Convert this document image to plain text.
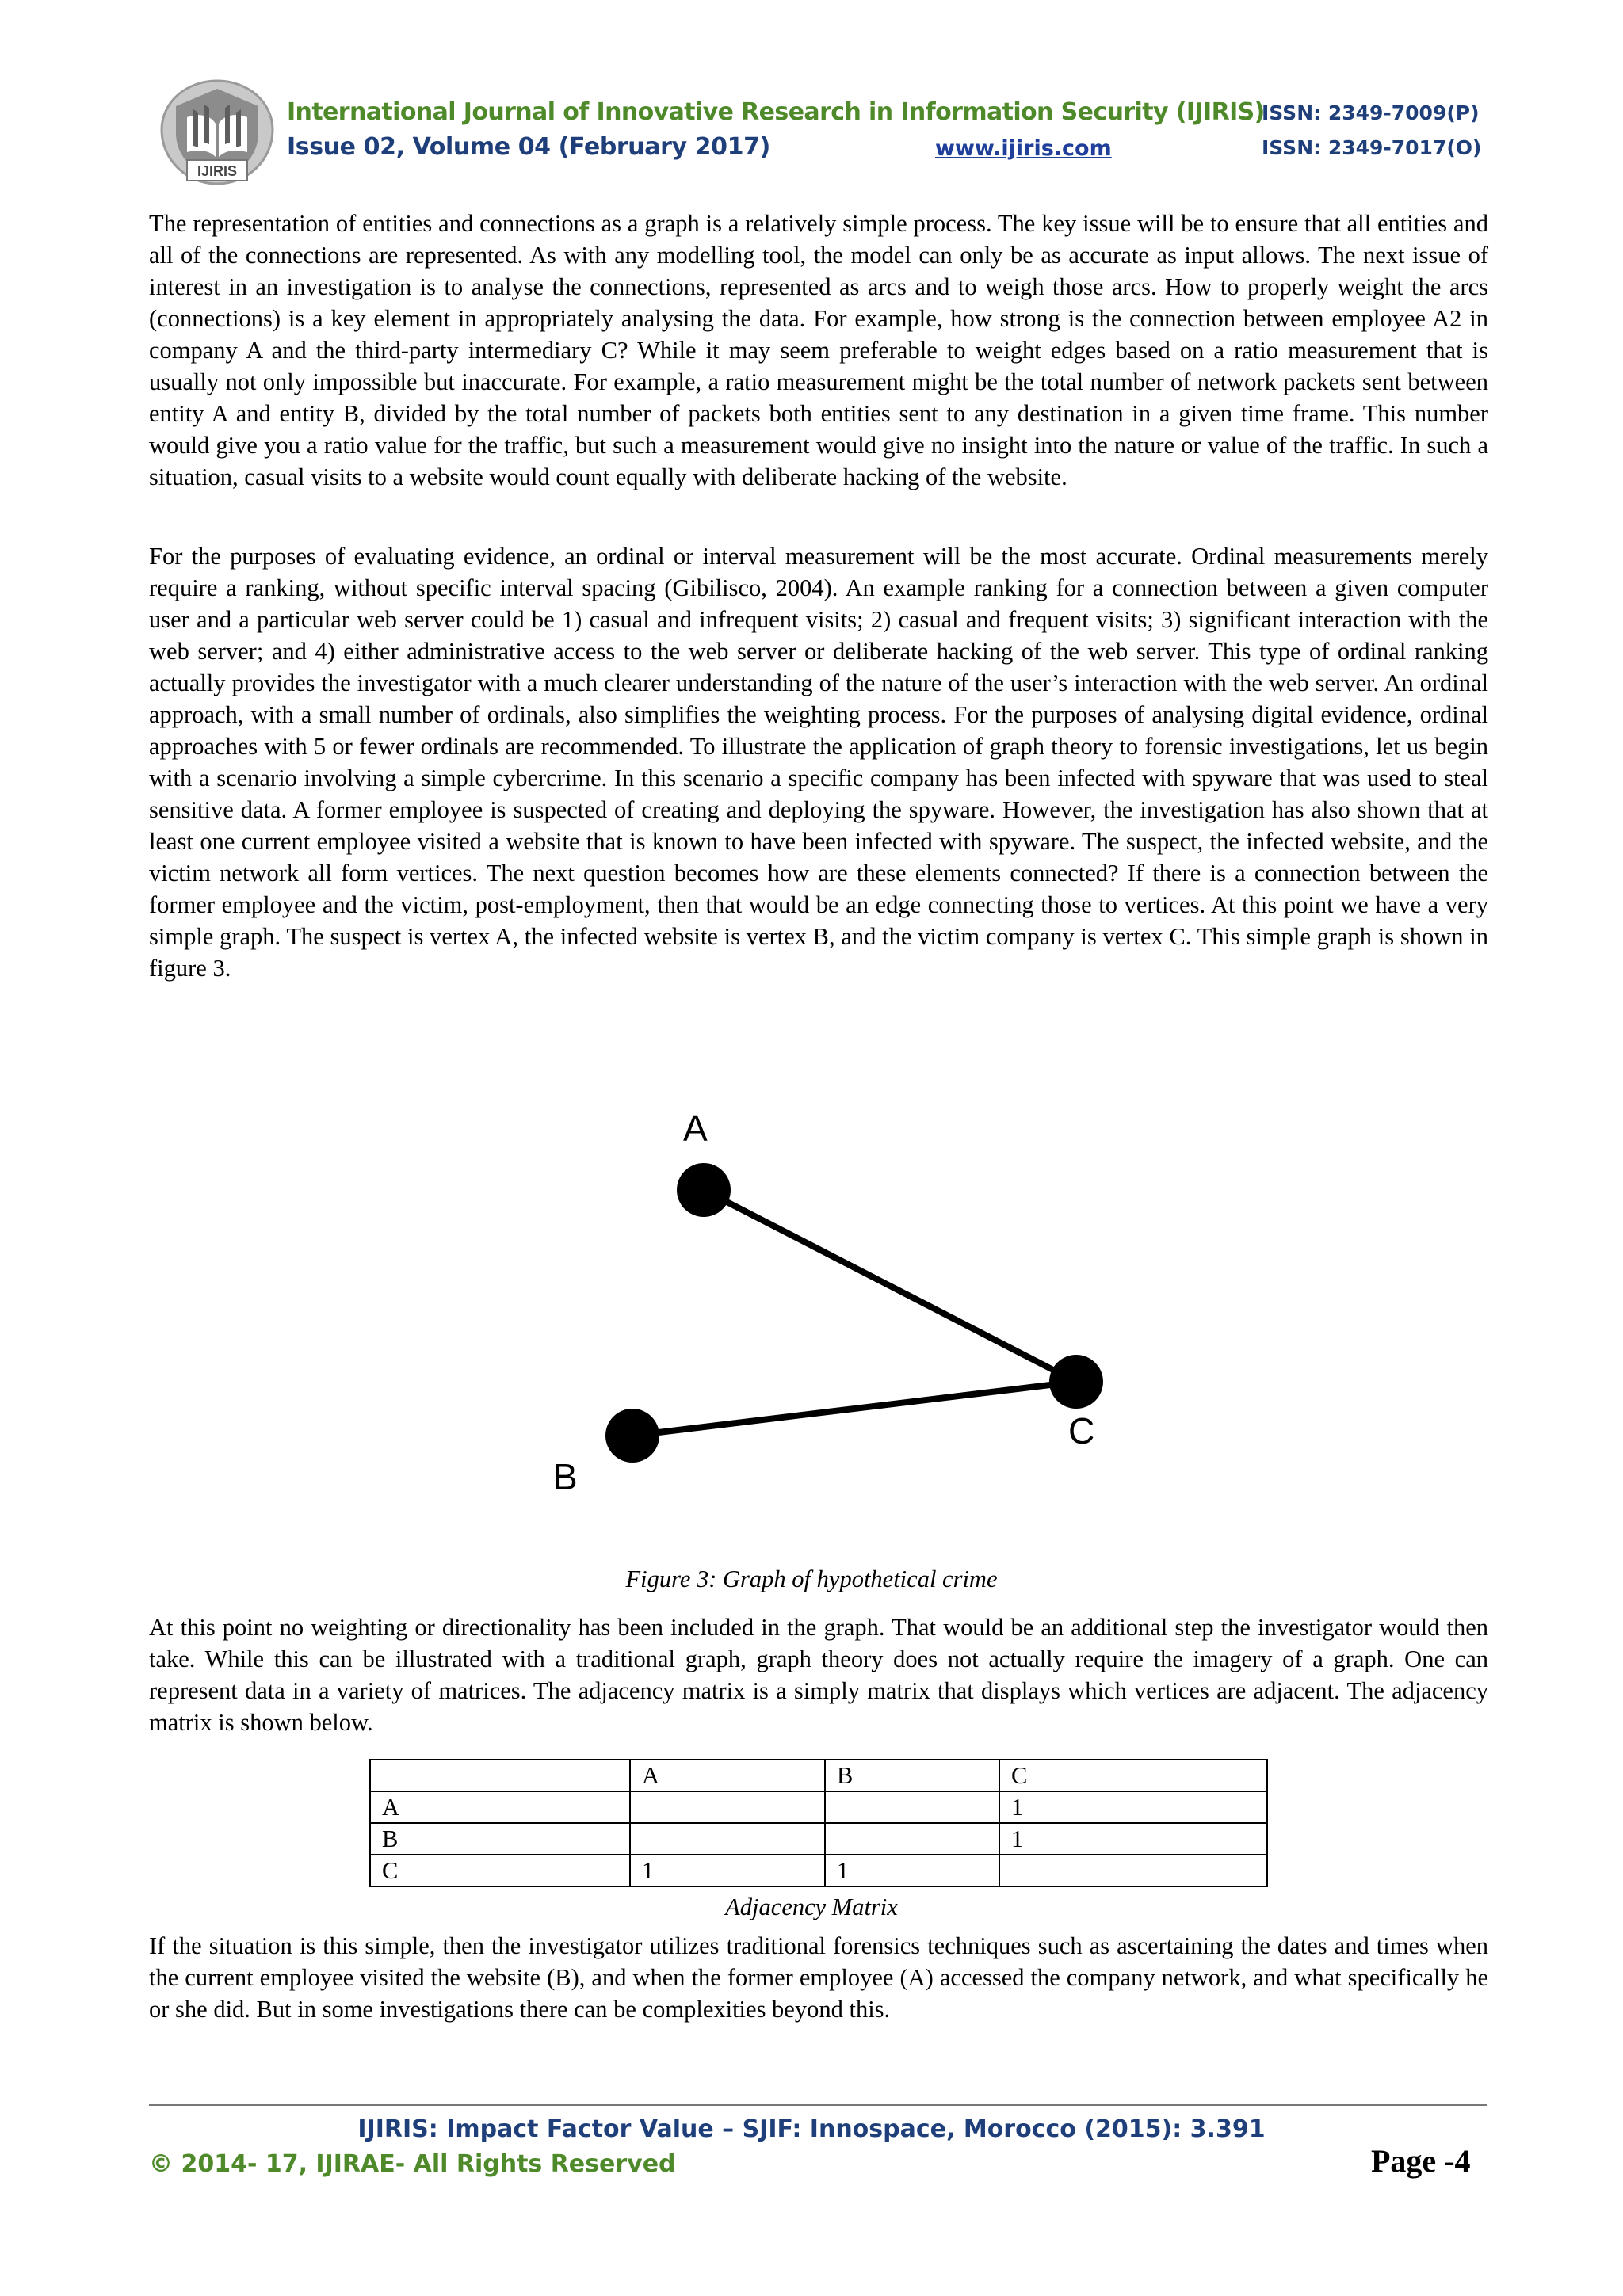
IJIRIS
International Journal of Innovative Research in Information Security (IJIRIS)
ISSN: 2349-7009(P)
Issue 02, Volume 04 (February 2017)	www.ijiris.com	ISSN: 2349-7017(O)

The representation of entities and connections as a graph is a relatively simple process. The key issue will be to ensure that all entities and all of the connections are represented. As with any modelling tool, the model can only be as accurate as input allows. The next issue of interest in an investigation is to analyse the connections, represented as arcs and to weigh those arcs. How to properly weight the arcs (connections) is a key element in appropriately analysing the data. For example, how strong is the connection between employee A2 in company A and the third-party intermediary C? While it may seem preferable to weight edges based on a ratio measurement that is usually not only impossible but inaccurate. For example, a ratio measurement might be the total number of network packets sent between entity A and entity B, divided by the total number of packets both entities sent to any destination in a given time frame. This number would give you a ratio value for the traffic, but such a measurement would give no insight into the nature or value of the traffic. In such a situation, casual visits to a website would count equally with deliberate hacking of the website.

For the purposes of evaluating evidence, an ordinal or interval measurement will be the most accurate. Ordinal measurements merely require a ranking, without specific interval spacing (Gibilisco, 2004). An example ranking for a connection between a given computer user and a particular web server could be 1) casual and infrequent visits; 2) casual and frequent visits; 3) significant interaction with the web server; and 4) either administrative access to the web server or deliberate hacking of the web server. This type of ordinal ranking actually provides the investigator with a much clearer understanding of the nature of the user’s interaction with the web server. An ordinal approach, with a small number of ordinals, also simplifies the weighting process. For the purposes of analysing digital evidence, ordinal approaches with 5 or fewer ordinals are recommended. To illustrate the application of graph theory to forensic investigations, let us begin with a scenario involving a simple cybercrime. In this scenario a specific company has been infected with spyware that was used to steal sensitive data. A former employee is suspected of creating and deploying the spyware. However, the investigation has also shown that at least one current employee visited a website that is known to have been infected with spyware. The suspect, the infected website, and the victim network all form vertices. The next question becomes how are these elements connected? If there is a connection between the former employee and the victim, post-employment, then that would be an edge connecting those to vertices. At this point we have a very simple graph. The suspect is vertex A, the infected website is vertex B, and the victim company is vertex C. This simple graph is shown in figure 3.

A
C
B
Figure 3: Graph of hypothetical crime

At this point no weighting or directionality has been included in the graph. That would be an additional step the investigator would then take. While this can be illustrated with a traditional graph, graph theory does not actually require the imagery of a graph. One can represent data in a variety of matrices. The adjacency matrix is a simply matrix that displays which vertices are adjacent. The adjacency matrix is shown below.

	A	B	C
A			1
B			1
C	1	1	
Adjacency Matrix

If the situation is this simple, then the investigator utilizes traditional forensics techniques such as ascertaining the dates and times when the current employee visited the website (B), and when the former employee (A) accessed the company network, and what specifically he or she did. But in some investigations there can be complexities beyond this.

IJIRIS: Impact Factor Value – SJIF: Innospace, Morocco (2015): 3.391
© 2014- 17, IJIRAE- All Rights Reserved	Page -4
